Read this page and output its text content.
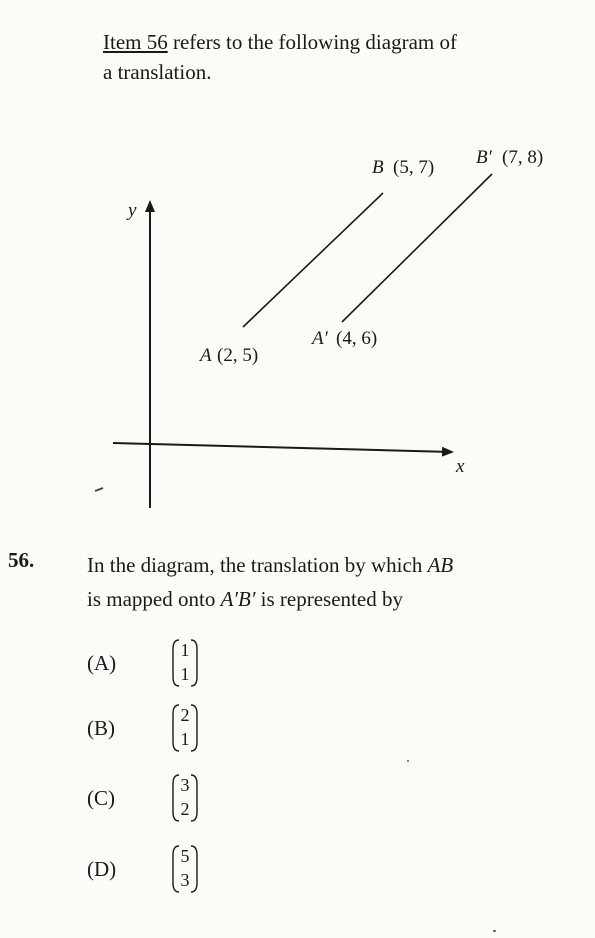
Item 56 refers to the following diagram of
a translation.
y
x
A (2, 5)
B (5, 7)
A′ (4, 6)
B′ (7, 8)
56.	In the diagram, the translation by which AB
is mapped onto A′B′ is represented by
(A)
1
1
(B)
2
1
(C)
3
2
(D)
5
3
